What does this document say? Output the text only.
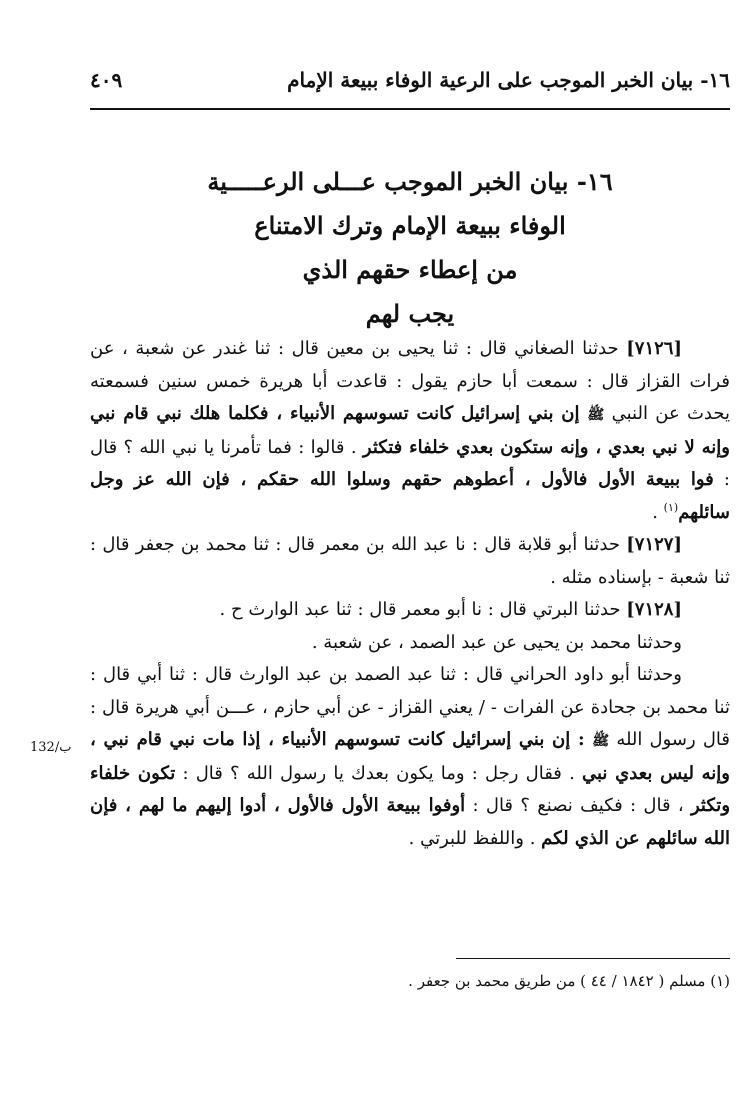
١٦- بيان الخبر الموجب على الرعية الوفاء ببيعة الإمام
٤٠٩
١٦- بيان الخبر الموجب عـــلى الرعـــــية
الوفاء ببيعة الإمام وترك الامتناع
من إعطاء حقهم الذي
يجب لهم

[٧١٢٦] حدثنا الصغاني قال : ثنا يحيى بن معين قال : ثنا غندر عن شعبة ، عن فرات القزاز قال : سمعت أبا حازم يقول : قاعدت أبا هريرة خمس سنين فسمعته يحدث عن النبي ﷺ إن بني إسرائيل كانت تسوسهم الأنبياء ، فكلما هلك نبي قام نبي وإنه لا نبي بعدي ، وإنه ستكون بعدي خلفاء فتكثر . قالوا : فما تأمرنا يا نبي الله ؟ قال : فوا ببيعة الأول فالأول ، أعطوهم حقهم وسلوا الله حقكم ، فإن الله عز وجل سائلهم$^{(١)}$ .

[٧١٢٧] حدثنا أبو قلابة قال : نا عبد الله بن معمر قال : ثنا محمد بن جعفر قال : ثنا شعبة - بإسناده مثله .

[٧١٢٨] حدثنا البرتي قال : نا أبو معمر قال : ثنا عبد الوارث ح .

وحدثنا محمد بن يحيى عن عبد الصمد ، عن شعبة .

وحدثنا أبو داود الحراني قال : ثنا عبد الصمد بن عبد الوارث قال : ثنا أبي قال : ثنا محمد بن جحادة عن الفرات - / يعني القزاز - عن أبي حازم ، عـــن أبي هريرة قال : قال رسول الله ﷺ : إن بني إسرائيل كانت تسوسهم الأنبياء ، إذا مات نبي قام نبي ، وإنه ليس بعدي نبي . فقال رجل : وما يكون بعدك يا رسول الله ؟ قال : تكون خلفاء وتكثر ، قال : فكيف نصنع ؟ قال : أوفوا ببيعة الأول فالأول ، أدوا إليهم ما لهم ، فإن الله سائلهم عن الذي لكم . واللفظ للبرتي .

132/ب
(١) مسلم ( ١٨٤٢ / ٤٤ ) من طريق محمد بن جعفر .
